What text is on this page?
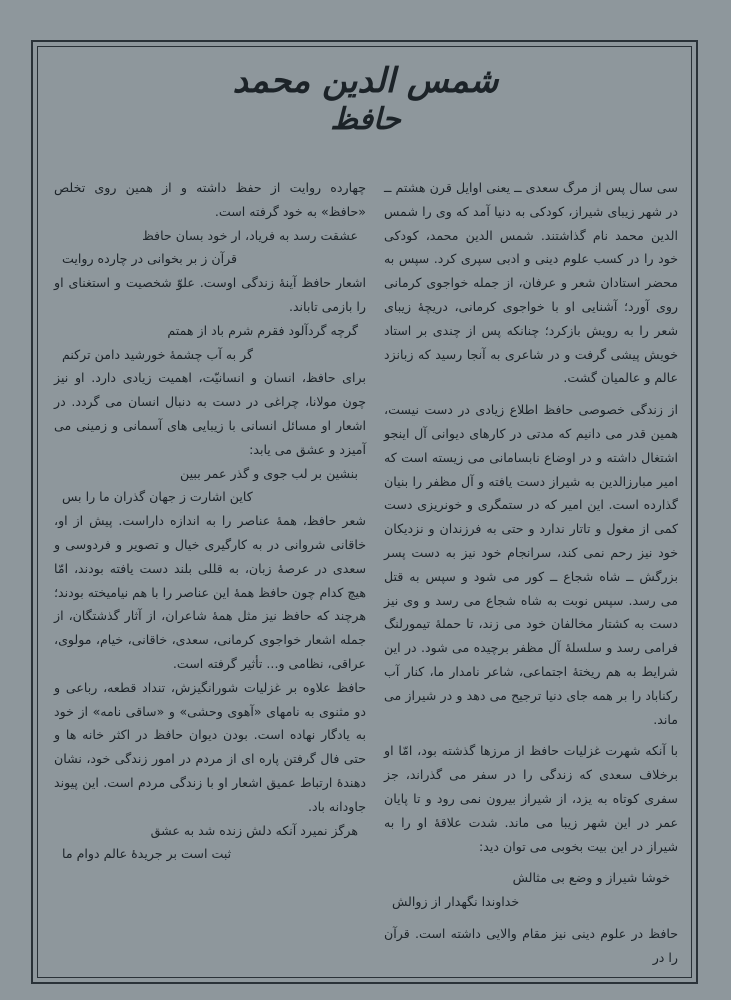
شمس الدین محمد
حافظ

سی سال پس از مرگ سعدی ــ یعنی اوایل قرن هشتم ــ در شهر زیبای شیراز، کودکی به دنیا آمد که وی را شمس الدین محمد نام گذاشتند. شمس الدین محمد، کودکی خود را در کسب علوم دینی و ادبی سپری کرد. سپس به محضر استادان شعر و عرفان، از جمله خواجوی کرمانی روی آورد؛ آشنایی او با خواجوی کرمانی، دریچهٔ زیبای شعر را به رویش بازکرد؛ چنانکه پس از چندی بر استاد خویش پیشی گرفت و در شاعری به آنجا رسید که زبانزد عالم و عالمیان گشت.

از زندگی خصوصی حافظ اطلاع زیادی در دست نیست، همین قدر می دانیم که مدتی در کارهای دیوانی آل اینجو اشتغال داشته و در اوضاع نابسامانی می زیسته است که امیر مبارزالدین به شیراز دست یافته و آل مظفر را بنیان گذارده است. این امیر که در ستمگری و خونریزی دست کمی از مغول و تاتار ندارد و حتی به فرزندان و نزدیکان خود نیز رحم نمی کند، سرانجام خود نیز به دست پسر بزرگش ــ شاه شجاع ــ کور می شود و سپس به قتل می رسد. سپس نوبت به شاه شجاع می رسد و وی نیز دست به کشتار مخالفان خود می زند، تا حملهٔ تیمورلنگ فرامی رسد و سلسلهٔ آل مظفر برچیده می شود. در این شرایط به هم ریختهٔ اجتماعی، شاعر نامدار ما، کنار آب رکناباد را بر همه جای دنیا ترجیح می دهد و در شیراز می ماند.

با آنکه شهرت غزلیات حافظ از مرزها گذشته بود، امّا او برخلاف سعدی که زندگی را در سفر می گذراند، جز سفری کوتاه به یزد، از شیراز بیرون نمی رود و تا پایان عمر در این شهر زیبا می ماند. شدت علاقهٔ او را به شیراز در این بیت بخوبی می توان دید:

خوشا شیراز و وضع بی مثالش

خداوندا نگهدار از زوالش

حافظ در علوم دینی نیز مقام والایی داشته است. قرآن را در

چهارده روایت از حفظ داشته و از همین روی تخلص «حافظ» به خود گرفته است.

عشقت رسد به فریاد، ار خود بسان حافظ

قرآن ز بر بخوانی در چارده روایت

اشعار حافظ آینهٔ زندگی اوست. علوّ شخصیت و استغنای او را بازمی تاباند.

گرچه گردآلود فقرم شرم باد از همتم

گر به آب چشمهٔ خورشید دامن ترکنم

برای حافظ، انسان و انسانیّت، اهمیت زیادی دارد. او نیز چون مولانا، چراغی در دست به دنبال انسان می گردد. در اشعار او مسائل انسانی با زیبایی های آسمانی و زمینی می آمیزد و عشق می یابد:

بنشین بر لب جوی و گذر عمر ببین

کاین اشارت ز جهان گذران ما را بس

شعر حافظ، همهٔ عناصر را به اندازه داراست. پیش از او، خاقانی شروانی در به کارگیری خیال و تصویر و فردوسی و سعدی در عرصهٔ زبان، به قللی بلند دست یافته بودند، امّا هیچ کدام چون حافظ همهٔ این عناصر را با هم نیامیخته بودند؛ هرچند که حافظ نیز مثل همهٔ شاعران، از آثار گذشتگان، از جمله اشعار خواجوی کرمانی، سعدی، خاقانی، خیام، مولوی، عراقی، نظامی و... تأثیر گرفته است.

حافظ علاوه بر غزلیات شورانگیزش، تنداد قطعه، رباعی و دو مثنوی به نامهای «آهوی وحشی» و «ساقی نامه» از خود به یادگار نهاده است. بودن دیوان حافظ در اکثر خانه ها و حتی فال گرفتن پاره ای از مردم در امور زندگی خود، نشان دهندهٔ ارتباط عمیق اشعار او با زندگی مردم است. این پیوند جاودانه باد.

هرگز نمیرد آنکه دلش زنده شد به عشق

ثبت است بر جریدهٔ عالم دوام ما
